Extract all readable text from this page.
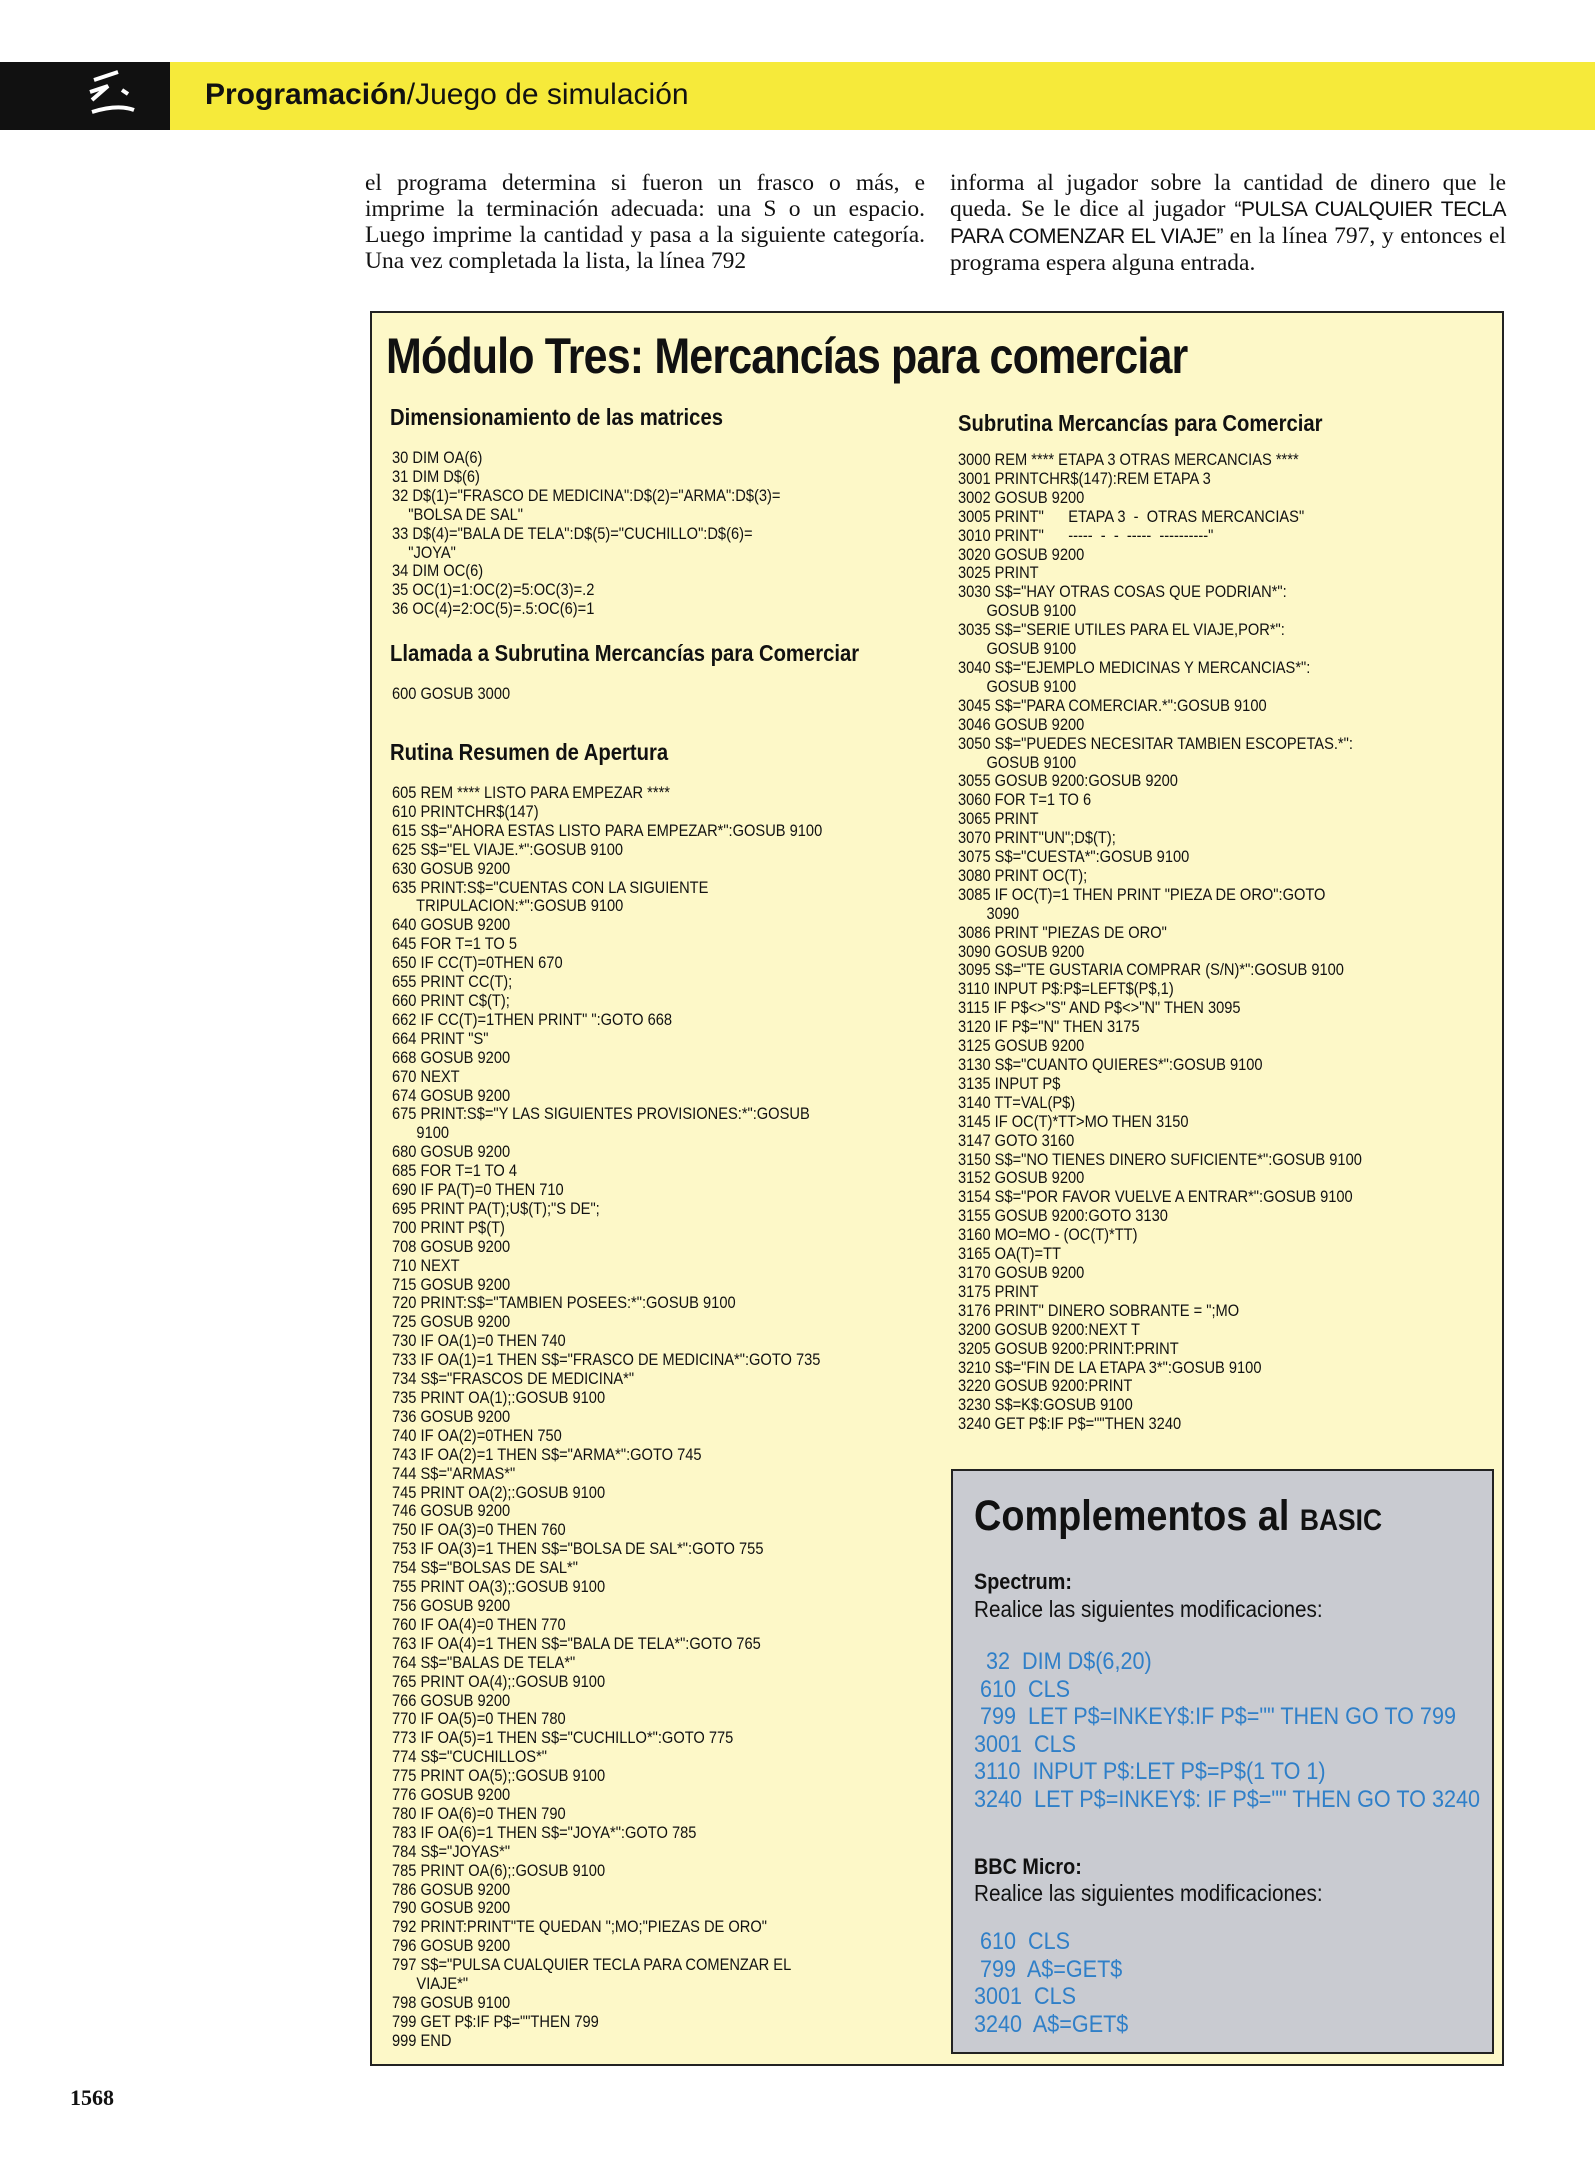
Programación/Juego de simulación
el programa determina si fueron un frasco o más, e imprime la terminación adecuada: una S o un espacio. Luego imprime la cantidad y pasa a la siguiente categoría. Una vez completada la lista, la línea 792
informa al jugador sobre la cantidad de dinero que le queda. Se le dice al jugador “PULSA CUALQUIER TECLA PARA COMENZAR EL VIAJE” en la línea 797, y entonces el programa espera alguna entrada.
Módulo Tres: Mercancías para comerciar
Dimensionamiento de las matrices
30 DIM OA(6)
31 DIM D$(6)
32 D$(1)="FRASCO DE MEDICINA":D$(2)="ARMA":D$(3)=
"BOLSA DE SAL"
33 D$(4)="BALA DE TELA":D$(5)="CUCHILLO":D$(6)=
"JOYA"
34 DIM OC(6)
35 OC(1)=1:OC(2)=5:OC(3)=.2
36 OC(4)=2:OC(5)=.5:OC(6)=1
Llamada a Subrutina Mercancías para Comerciar
600 GOSUB 3000
Rutina Resumen de Apertura
605 REM **** LISTO PARA EMPEZAR ****
610 PRINTCHR$(147)
615 S$="AHORA ESTAS LISTO PARA EMPEZAR*":GOSUB 9100
625 S$="EL VIAJE.*":GOSUB 9100
630 GOSUB 9200
635 PRINT:S$="CUENTAS CON LA SIGUIENTE
TRIPULACION:*":GOSUB 9100
640 GOSUB 9200
645 FOR T=1 TO 5
650 IF CC(T)=0THEN 670
655 PRINT CC(T);
660 PRINT C$(T);
662 IF CC(T)=1THEN PRINT" ":GOTO 668
664 PRINT "S"
668 GOSUB 9200
670 NEXT
674 GOSUB 9200
675 PRINT:S$="Y LAS SIGUIENTES PROVISIONES:*":GOSUB
9100
680 GOSUB 9200
685 FOR T=1 TO 4
690 IF PA(T)=0 THEN 710
695 PRINT PA(T);U$(T);"S DE";
700 PRINT P$(T)
708 GOSUB 9200
710 NEXT
715 GOSUB 9200
720 PRINT:S$="TAMBIEN POSEES:*":GOSUB 9100
725 GOSUB 9200
730 IF OA(1)=0 THEN 740
733 IF OA(1)=1 THEN S$="FRASCO DE MEDICINA*":GOTO 735
734 S$="FRASCOS DE MEDICINA*"
735 PRINT OA(1);:GOSUB 9100
736 GOSUB 9200
740 IF OA(2)=0THEN 750
743 IF OA(2)=1 THEN S$="ARMA*":GOTO 745
744 S$="ARMAS*"
745 PRINT OA(2);:GOSUB 9100
746 GOSUB 9200
750 IF OA(3)=0 THEN 760
753 IF OA(3)=1 THEN S$="BOLSA DE SAL*":GOTO 755
754 S$="BOLSAS DE SAL*"
755 PRINT OA(3);:GOSUB 9100
756 GOSUB 9200
760 IF OA(4)=0 THEN 770
763 IF OA(4)=1 THEN S$="BALA DE TELA*":GOTO 765
764 S$="BALAS DE TELA*"
765 PRINT OA(4);:GOSUB 9100
766 GOSUB 9200
770 IF OA(5)=0 THEN 780
773 IF OA(5)=1 THEN S$="CUCHILLO*":GOTO 775
774 S$="CUCHILLOS*"
775 PRINT OA(5);:GOSUB 9100
776 GOSUB 9200
780 IF OA(6)=0 THEN 790
783 IF OA(6)=1 THEN S$="JOYA*":GOTO 785
784 S$="JOYAS*"
785 PRINT OA(6);:GOSUB 9100
786 GOSUB 9200
790 GOSUB 9200
792 PRINT:PRINT"TE QUEDAN ";MO;"PIEZAS DE ORO"
796 GOSUB 9200
797 S$="PULSA CUALQUIER TECLA PARA COMENZAR EL
VIAJE*"
798 GOSUB 9100
799 GET P$:IF P$=""THEN 799
999 END
Subrutina Mercancías para Comerciar
3000 REM **** ETAPA 3 OTRAS MERCANCIAS ****
3001 PRINTCHR$(147):REM ETAPA 3
3002 GOSUB 9200
3005 PRINT"      ETAPA 3  -  OTRAS MERCANCIAS"
3010 PRINT"      -----  -  -  -----  ----------"
3020 GOSUB 9200
3025 PRINT
3030 S$="HAY OTRAS COSAS QUE PODRIAN*":
GOSUB 9100
3035 S$="SERIE UTILES PARA EL VIAJE,POR*":
GOSUB 9100
3040 S$="EJEMPLO MEDICINAS Y MERCANCIAS*":
GOSUB 9100
3045 S$="PARA COMERCIAR.*":GOSUB 9100
3046 GOSUB 9200
3050 S$="PUEDES NECESITAR TAMBIEN ESCOPETAS.*":
GOSUB 9100
3055 GOSUB 9200:GOSUB 9200
3060 FOR T=1 TO 6
3065 PRINT
3070 PRINT"UN";D$(T);
3075 S$="CUESTA*":GOSUB 9100
3080 PRINT OC(T);
3085 IF OC(T)=1 THEN PRINT "PIEZA DE ORO":GOTO
3090
3086 PRINT "PIEZAS DE ORO"
3090 GOSUB 9200
3095 S$="TE GUSTARIA COMPRAR (S/N)*":GOSUB 9100
3110 INPUT P$:P$=LEFT$(P$,1)
3115 IF P$<>"S" AND P$<>"N" THEN 3095
3120 IF P$="N" THEN 3175
3125 GOSUB 9200
3130 S$="CUANTO QUIERES*":GOSUB 9100
3135 INPUT P$
3140 TT=VAL(P$)
3145 IF OC(T)*TT>MO THEN 3150
3147 GOTO 3160
3150 S$="NO TIENES DINERO SUFICIENTE*":GOSUB 9100
3152 GOSUB 9200
3154 S$="POR FAVOR VUELVE A ENTRAR*":GOSUB 9100
3155 GOSUB 9200:GOTO 3130
3160 MO=MO - (OC(T)*TT)
3165 OA(T)=TT
3170 GOSUB 9200
3175 PRINT
3176 PRINT" DINERO SOBRANTE = ";MO
3200 GOSUB 9200:NEXT T
3205 GOSUB 9200:PRINT:PRINT
3210 S$="FIN DE LA ETAPA 3*":GOSUB 9100
3220 GOSUB 9200:PRINT
3230 S$=K$:GOSUB 9100
3240 GET P$:IF P$=""THEN 3240
Complementos al BASIC
Spectrum:
Realice las siguientes modificaciones:
32  DIM D$(6,20)
610  CLS
799  LET P$=INKEY$:IF P$="" THEN GO TO 799
3001  CLS
3110  INPUT P$:LET P$=P$(1 TO 1)
3240  LET P$=INKEY$: IF P$="" THEN GO TO 3240
BBC Micro:
Realice las siguientes modificaciones:
610  CLS
799  A$=GET$
3001  CLS
3240  A$=GET$
1568
